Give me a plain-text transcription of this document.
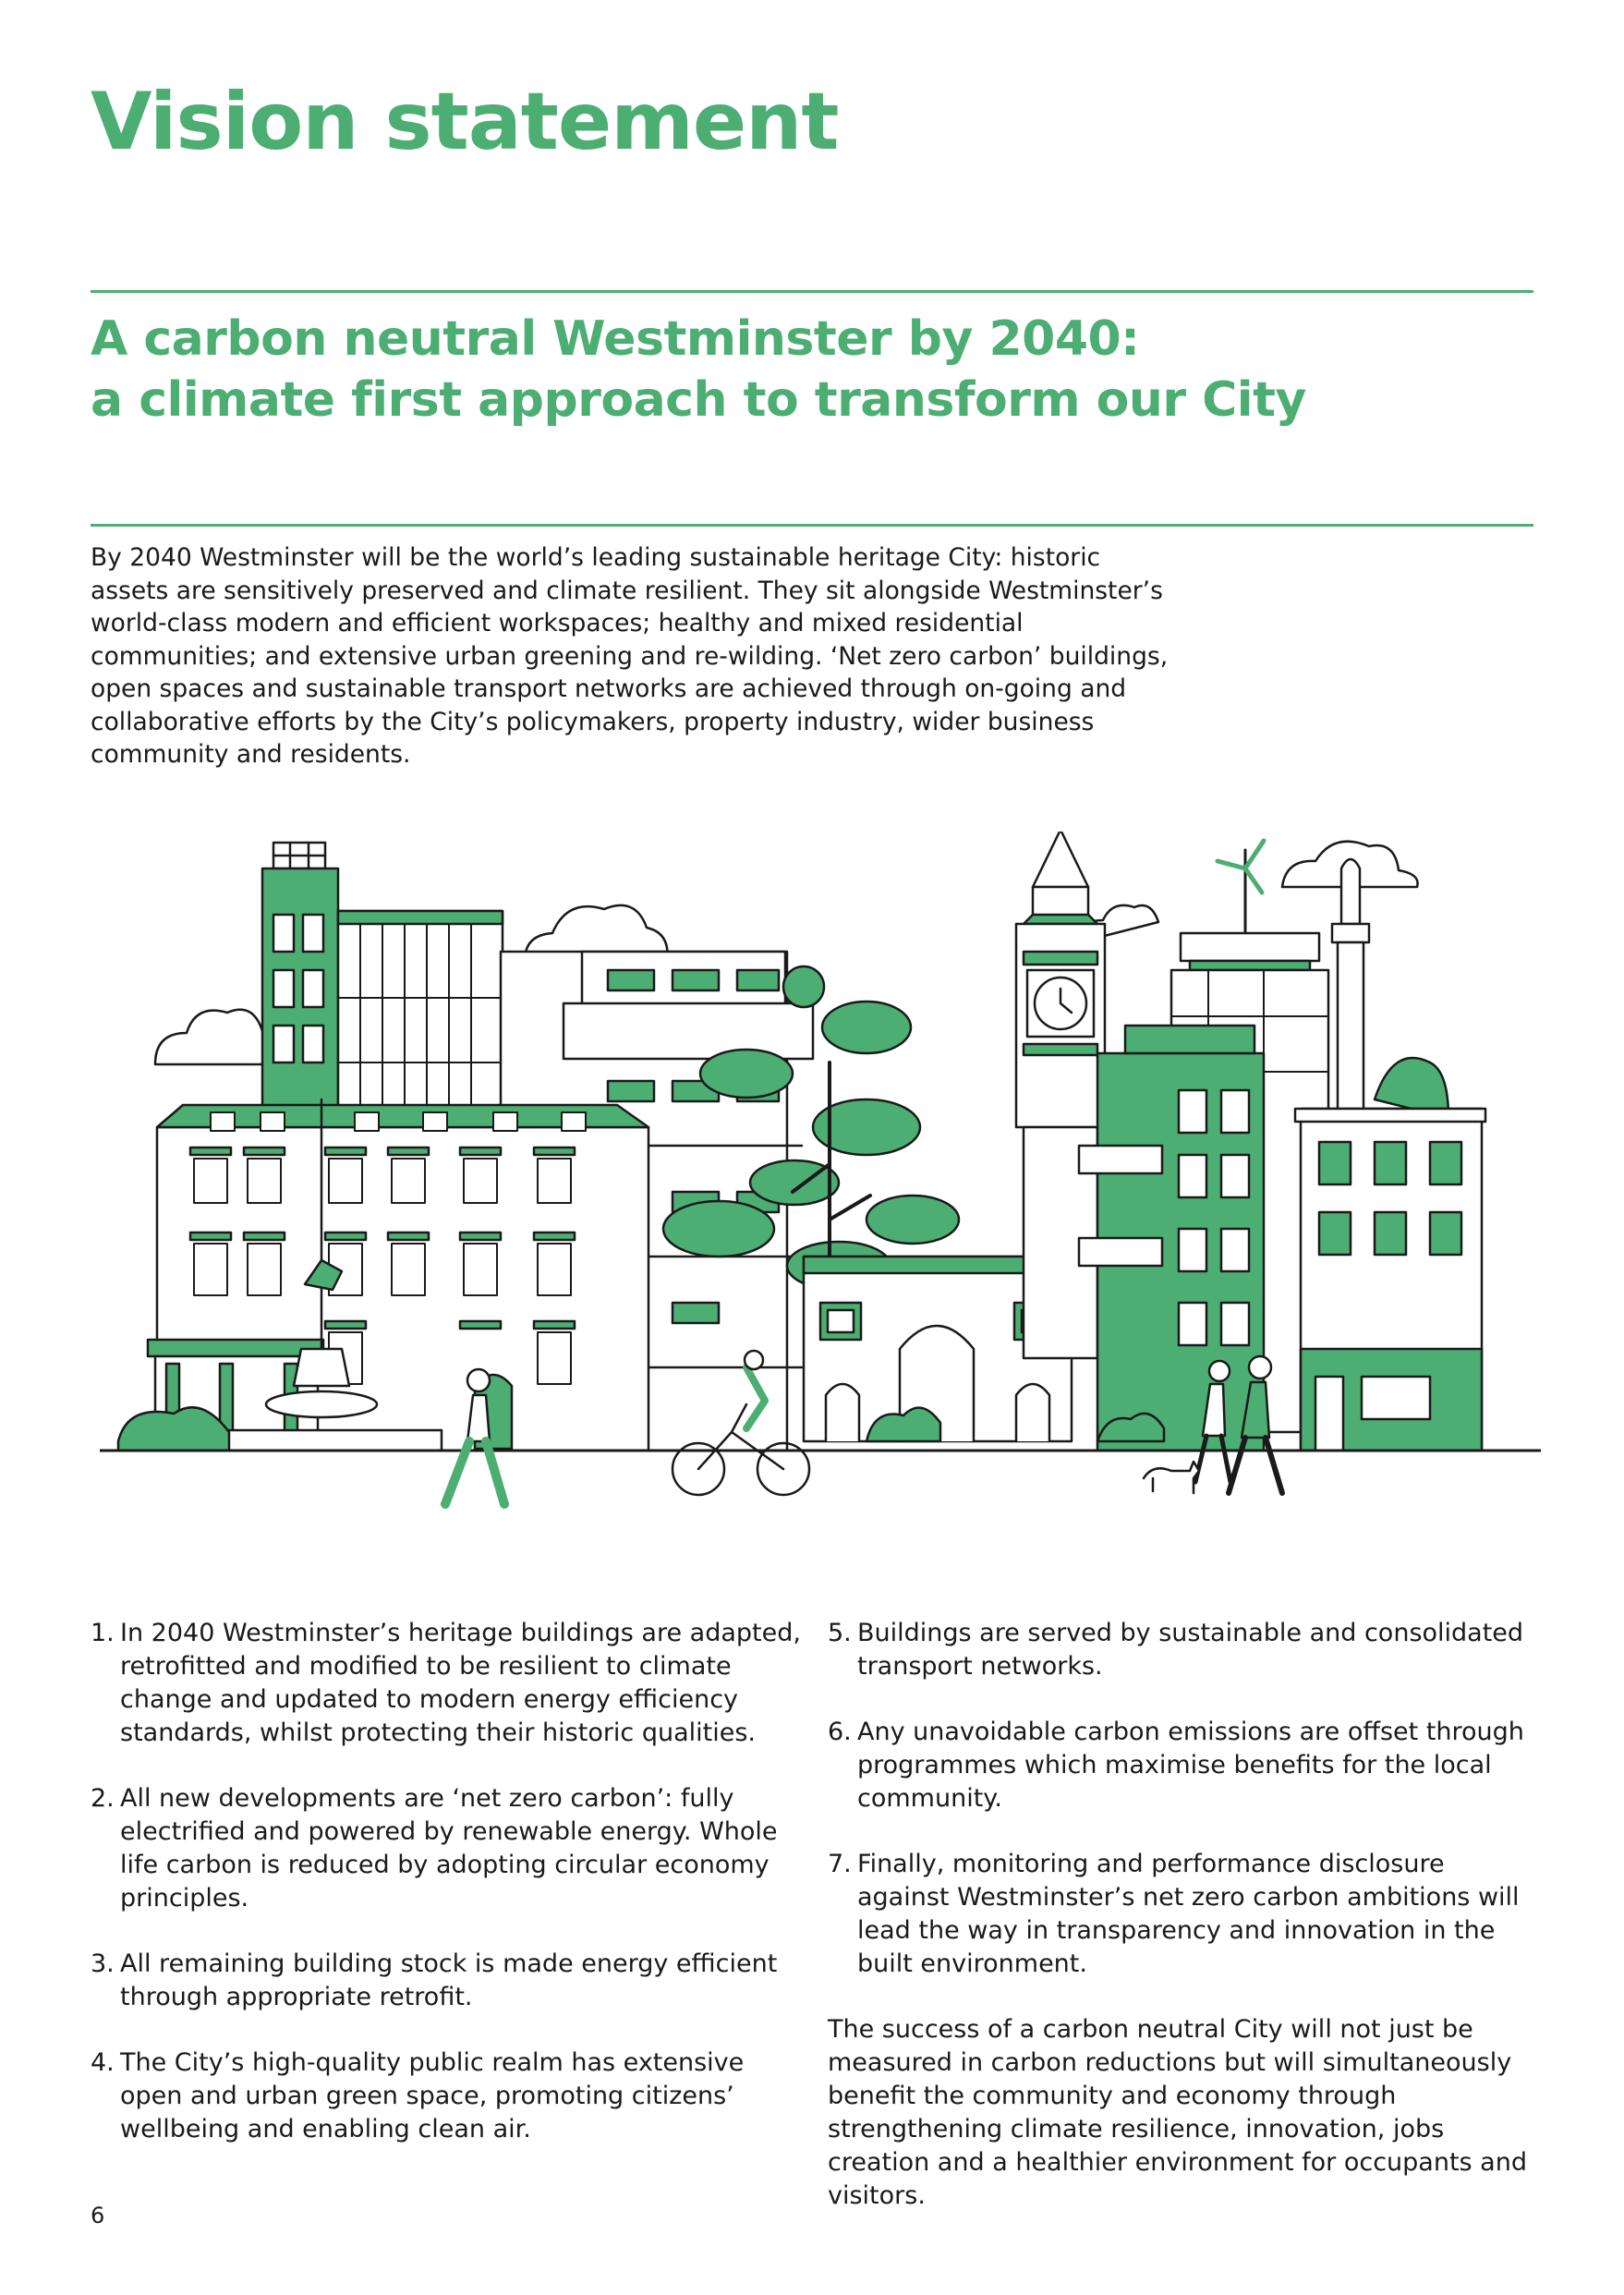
Vision statement
A carbon neutral Westminster by 2040:
a climate first approach to transform our City

By 2040 Westminster will be the world’s leading sustainable heritage City: historic assets are sensitively preserved and climate resilient. They sit alongside Westminster’s world-class modern and efficient workspaces; healthy and mixed residential communities; and extensive urban greening and re-wilding. ‘Net zero carbon’ buildings, open spaces and sustainable transport networks are achieved through on-going and collaborative efforts by the City’s policymakers, property industry, wider business community and residents.

1. In 2040 Westminster’s heritage buildings are adapted, retrofitted and modified to be resilient to climate change and updated to modern energy efficiency standards, whilst protecting their historic qualities.
2. All new developments are ‘net zero carbon’: fully electrified and powered by renewable energy. Whole life carbon is reduced by adopting circular economy principles.
3. All remaining building stock is made energy efficient through appropriate retrofit.
4. The City’s high-quality public realm has extensive open and urban green space, promoting citizens’ wellbeing and enabling clean air.
5. Buildings are served by sustainable and consolidated transport networks.
6. Any unavoidable carbon emissions are offset through programmes which maximise benefits for the local community.
7. Finally, monitoring and performance disclosure against Westminster’s net zero carbon ambitions will lead the way in transparency and innovation in the built environment.

The success of a carbon neutral City will not just be measured in carbon reductions but will simultaneously benefit the community and economy through strengthening climate resilience, innovation, jobs creation and a healthier environment for occupants and visitors.

6
